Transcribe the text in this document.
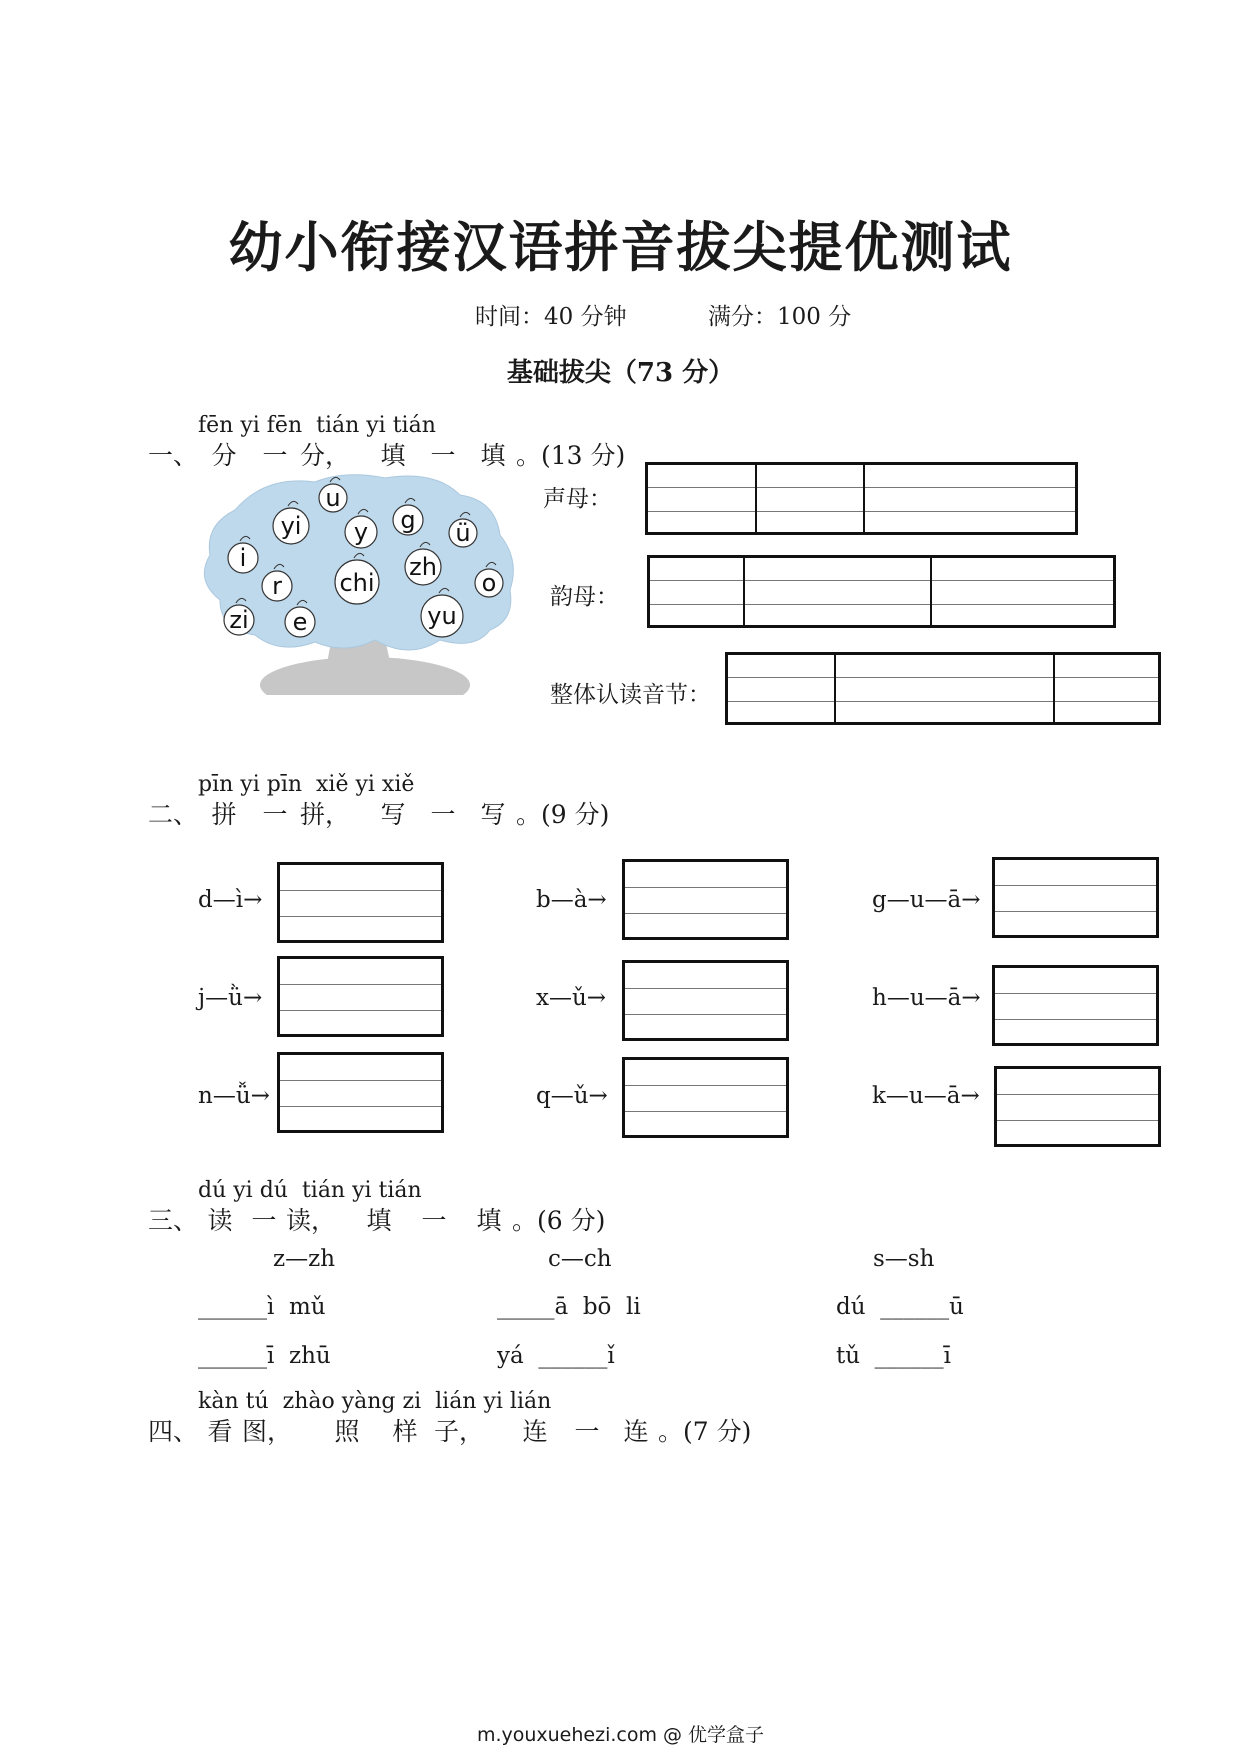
幼小衔接汉语拼音拔尖提优测试
时间：40 分钟	满分：100 分
基础拔尖（73 分）
fēn yi fēn  tián yi tián
一、 分 一 分， 填 一 填 。(13 分)
u
yi	g
y	ü
i	zh
chi
r	o
zi e	yu
声母：
韵母：
整体认读音节：
pīn yi pīn  xiě yi xiě
二、 拼 一 拼， 写 一 写 。(9 分)
d—ì→	b—à→	g—u—ā→
j—ǜ→	x—ǔ→	h—u—ā→
n—ǚ→	q—ǔ→	k—u—ā→
dú yi dú  tián yi tián
三、 读 一 读， 填 一 填 。(6 分)
z—zh	c—ch	s—sh
______ì  mǔ	_____ā  bō  li	dú  ______ū
______ī  zhū	yá  ______ǐ	tǔ  ______ī
kàn tú  zhào yàng zi  lián yi lián
四、 看 图， 照 样 子， 连 一 连 。(7 分)
m.youxuehezi.com @ 优学盒子
